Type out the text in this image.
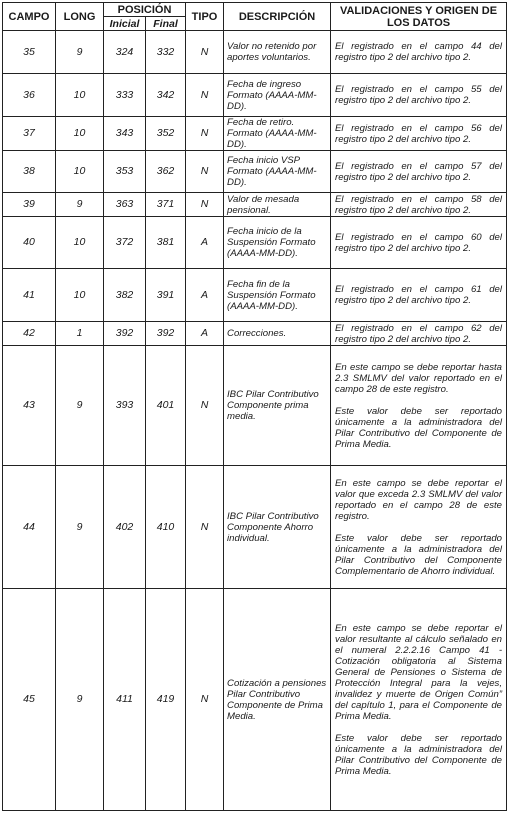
CAMPO	LONG	POSICIÓN		TIPO	DESCRIPCIÓN	VALIDACIONES Y ORIGEN DE LOS DATOS
		Inicial	Final			
35	9	324	332	N	Valor no retenido por aportes voluntarios.	El registrado en el campo 44 del registro tipo 2 del archivo tipo 2.

36	10	333	342	N	Fecha de ingreso Formato (AAAA-MM-DD).	El registrado en el campo 55 del registro tipo 2 del archivo tipo 2.

37	10	343	352	N	Fecha de retiro. Formato (AAAA-MM-DD).	El registrado en el campo 56 del registro tipo 2 del archivo tipo 2.

38	10	353	362	N	Fecha inicio VSP Formato (AAAA-MM-DD).	El registrado en el campo 57 del registro tipo 2 del archivo tipo 2.

39	9	363	371	N	Valor de mesada pensional.	El registrado en el campo 58 del registro tipo 2 del archivo tipo 2.

40	10	372	381	A	Fecha inicio de la Suspensión Formato (AAAA-MM-DD).	El registrado en el campo 60 del registro tipo 2 del archivo tipo 2.

41	10	382	391	A	Fecha fin de la Suspensión Formato (AAAA-MM-DD).	El registrado en el campo 61 del registro tipo 2 del archivo tipo 2.

42	1	392	392	A	Correcciones.	El registrado en el campo 62 del registro tipo 2 del archivo tipo 2.

43	9	393	401	N	IBC Pilar Contributivo Componente prima media.	En este campo se debe reportar hasta 2.3 SMLMV del valor reportado en el campo 28 de este registro.
Este valor debe ser reportado únicamente a la administradora del Pilar Contributivo del Componente de Prima Media.

44	9	402	410	N	IBC Pilar Contributivo Componente Ahorro individual.	En este campo se debe reportar el valor que exceda 2.3 SMLMV del valor reportado en el campo 28 de este registro.
Este valor debe ser reportado únicamente a la administradora del Pilar Contributivo del Componente Complementario de Ahorro individual.

45	9	411	419	N	Cotización a pensiones Pilar Contributivo Componente de Prima Media.	En este campo se debe reportar el valor resultante al cálculo señalado en el numeral 2.2.2.16 Campo 41 - Cotización obligatoria al Sistema General de Pensiones o Sistema de Protección Integral para la vejes, invalidez y muerte de Origen Común” del capítulo 1, para el Componente de Prima Media.
Este valor debe ser reportado únicamente a la administradora del Pilar Contributivo del Componente de Prima Media.
